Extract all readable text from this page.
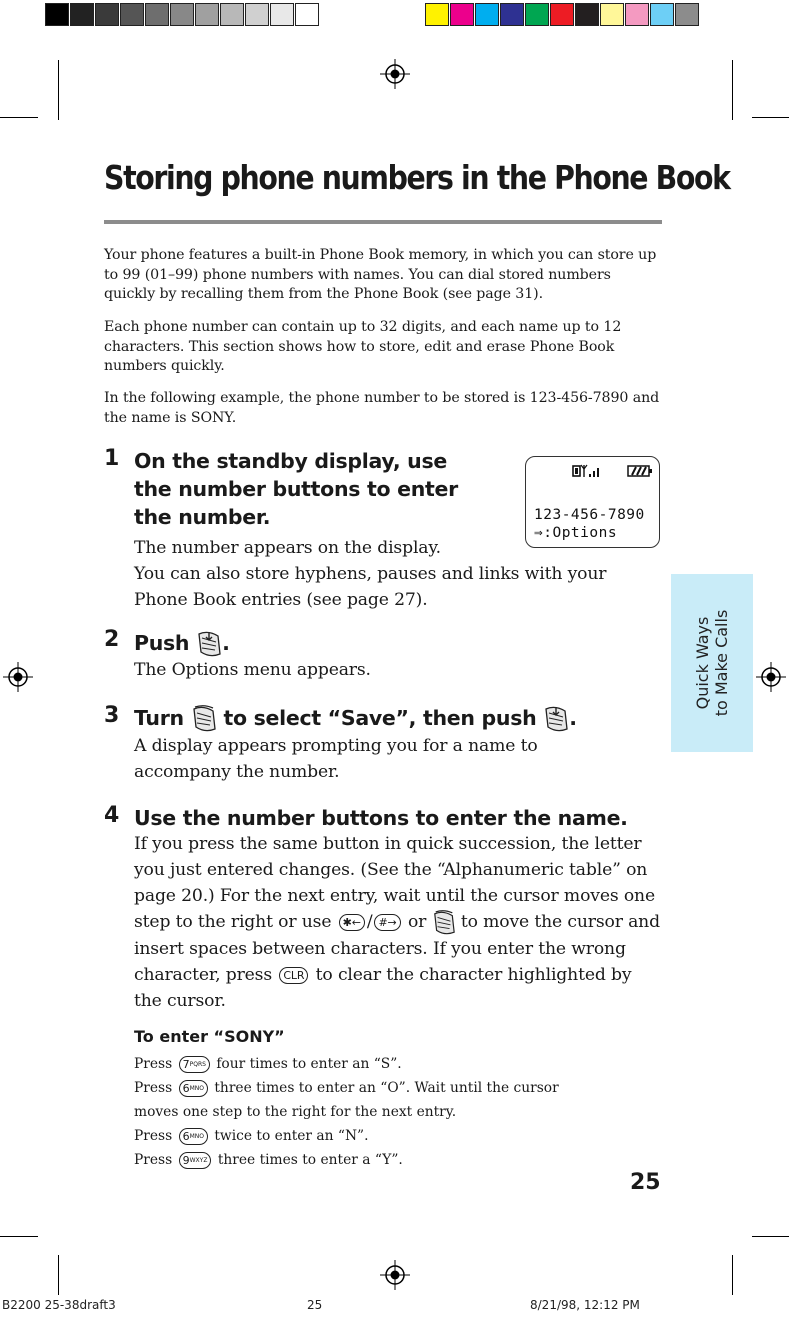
Storing phone numbers in the Phone Book
Your phone features a built-in Phone Book memory, in which you can store up to 99 (01–99) phone numbers with names. You can dial stored numbers quickly by recalling them from the Phone Book (see page 31).
Each phone number can contain up to 32 digits, and each name up to 12 characters. This section shows how to store, edit and erase Phone Book numbers quickly.
In the following example, the phone number to be stored is 123-456-7890 and the name is SONY.
1 On the standby display, use
the number buttons to enter
the number.
The number appears on the display.
You can also store hyphens, pauses and links with your Phone Book entries (see page 27).
123-456-7890
⇒:Options
2 Push .
The Options menu appears.
3 Turn to select “Save”, then push .
A display appears prompting you for a name to accompany the number.
4 Use the number buttons to enter the name.
If you press the same button in quick succession, the letter you just entered changes. (See the “Alphanumeric table” on page 20.) For the next entry, wait until the cursor moves one step to the right or use ✱← / #→ or to move the cursor and insert spaces between characters. If you enter the wrong character, press CLR to clear the character highlighted by the cursor.
To enter “SONY”
Press $7^{PQRS}$ four times to enter an “S”.
Press $6^{MNO}$ three times to enter an “O”. Wait until the cursor moves one step to the right for the next entry.
Press $6^{MNO}$ twice to enter an “N”.
Press $9^{WXYZ}$ three times to enter a “Y”.
Quick Ways to Make Calls
25
B2200 25-38draft3	25	8/21/98, 12:12 PM
